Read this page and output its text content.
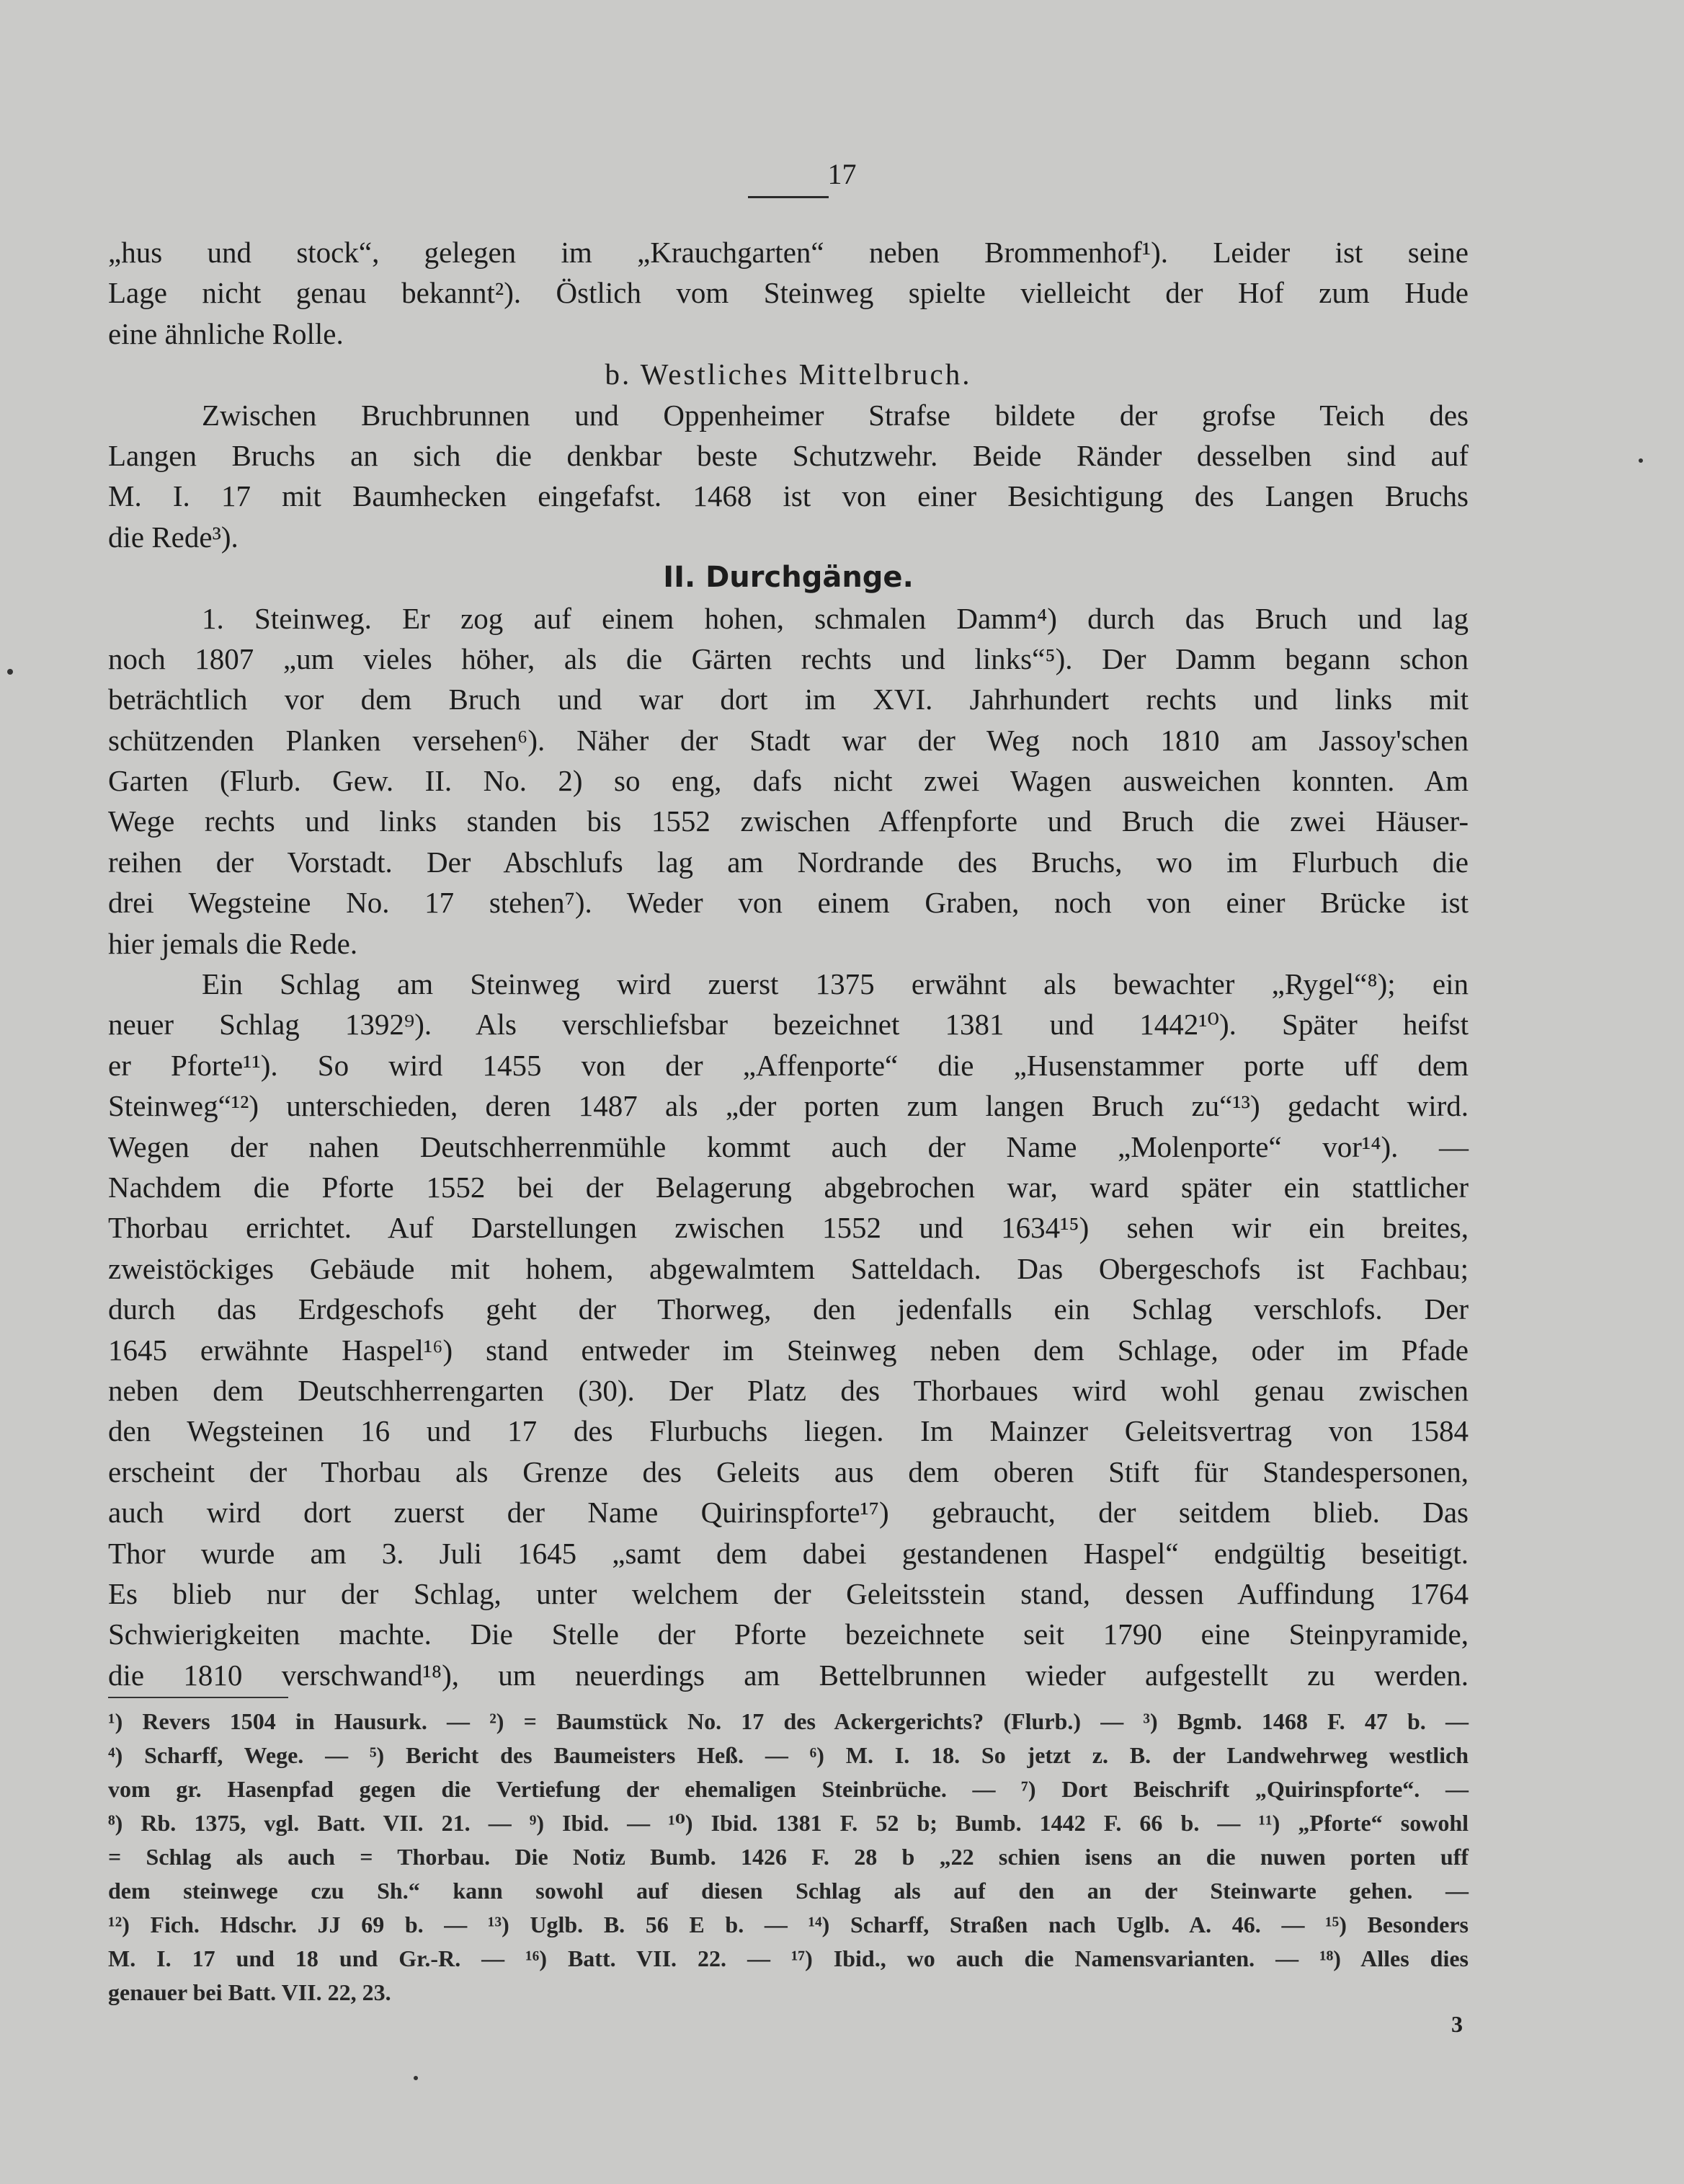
17
„hus und stock“, gelegen im „Krauchgarten“ neben Brommenhof¹). Leider ist seine
Lage nicht genau bekannt²). Östlich vom Steinweg spielte vielleicht der Hof zum Hude
eine ähnliche Rolle.
b. Westliches Mittelbruch.
Zwischen Bruchbrunnen und Oppenheimer Strafse bildete der grofse Teich des
Langen Bruchs an sich die denkbar beste Schutzwehr. Beide Ränder desselben sind auf
M. I. 17 mit Baumhecken eingefafst. 1468 ist von einer Besichtigung des Langen Bruchs
die Rede³).
II. Durchgänge.
1. Steinweg. Er zog auf einem hohen, schmalen Damm⁴) durch das Bruch und lag
noch 1807 „um vieles höher, als die Gärten rechts und links“⁵). Der Damm begann schon
beträchtlich vor dem Bruch und war dort im XVI. Jahrhundert rechts und links mit
schützenden Planken versehen⁶). Näher der Stadt war der Weg noch 1810 am Jassoy'schen
Garten (Flurb. Gew. II. No. 2) so eng, dafs nicht zwei Wagen ausweichen konnten. Am
Wege rechts und links standen bis 1552 zwischen Affenpforte und Bruch die zwei Häuser-
reihen der Vorstadt. Der Abschlufs lag am Nordrande des Bruchs, wo im Flurbuch die
drei Wegsteine No. 17 stehen⁷). Weder von einem Graben, noch von einer Brücke ist
hier jemals die Rede.
Ein Schlag am Steinweg wird zuerst 1375 erwähnt als bewachter „Rygel“⁸); ein
neuer Schlag 1392⁹). Als verschliefsbar bezeichnet 1381 und 1442¹⁰). Später heifst
er Pforte¹¹). So wird 1455 von der „Affenporte“ die „Husenstammer porte uff dem
Steinweg“¹²) unterschieden, deren 1487 als „der porten zum langen Bruch zu“¹³) gedacht wird.
Wegen der nahen Deutschherrenmühle kommt auch der Name „Molenporte“ vor¹⁴). —
Nachdem die Pforte 1552 bei der Belagerung abgebrochen war, ward später ein stattlicher
Thorbau errichtet. Auf Darstellungen zwischen 1552 und 1634¹⁵) sehen wir ein breites,
zweistöckiges Gebäude mit hohem, abgewalmtem Satteldach. Das Obergeschofs ist Fachbau;
durch das Erdgeschofs geht der Thorweg, den jedenfalls ein Schlag verschlofs. Der
1645 erwähnte Haspel¹⁶) stand entweder im Steinweg neben dem Schlage, oder im Pfade
neben dem Deutschherrengarten (30). Der Platz des Thorbaues wird wohl genau zwischen
den Wegsteinen 16 und 17 des Flurbuchs liegen. Im Mainzer Geleitsvertrag von 1584
erscheint der Thorbau als Grenze des Geleits aus dem oberen Stift für Standespersonen,
auch wird dort zuerst der Name Quirinspforte¹⁷) gebraucht, der seitdem blieb. Das
Thor wurde am 3. Juli 1645 „samt dem dabei gestandenen Haspel“ endgültig beseitigt.
Es blieb nur der Schlag, unter welchem der Geleitsstein stand, dessen Auffindung 1764
Schwierigkeiten machte. Die Stelle der Pforte bezeichnete seit 1790 eine Steinpyramide,
die 1810 verschwand¹⁸), um neuerdings am Bettelbrunnen wieder aufgestellt zu werden.
¹) Revers 1504 in Hausurk. — ²) = Baumstück No. 17 des Ackergerichts? (Flurb.) — ³) Bgmb. 1468 F. 47 b. —
⁴) Scharff, Wege. — ⁵) Bericht des Baumeisters Heß. — ⁶) M. I. 18. So jetzt z. B. der Landwehrweg westlich
vom gr. Hasenpfad gegen die Vertiefung der ehemaligen Steinbrüche. — ⁷) Dort Beischrift „Quirinspforte“. —
⁸) Rb. 1375, vgl. Batt. VII. 21. — ⁹) Ibid. — ¹⁰) Ibid. 1381 F. 52 b; Bumb. 1442 F. 66 b. — ¹¹) „Pforte“ sowohl
= Schlag als auch = Thorbau. Die Notiz Bumb. 1426 F. 28 b „22 schien isens an die nuwen porten uff
dem steinwege czu Sh.“ kann sowohl auf diesen Schlag als auf den an der Steinwarte gehen. —
¹²) Fich. Hdschr. JJ 69 b. — ¹³) Uglb. B. 56 E b. — ¹⁴) Scharff, Straßen nach Uglb. A. 46. — ¹⁵) Besonders
M. I. 17 und 18 und Gr.-R. — ¹⁶) Batt. VII. 22. — ¹⁷) Ibid., wo auch die Namensvarianten. — ¹⁸) Alles dies
genauer bei Batt. VII. 22, 23.
3
